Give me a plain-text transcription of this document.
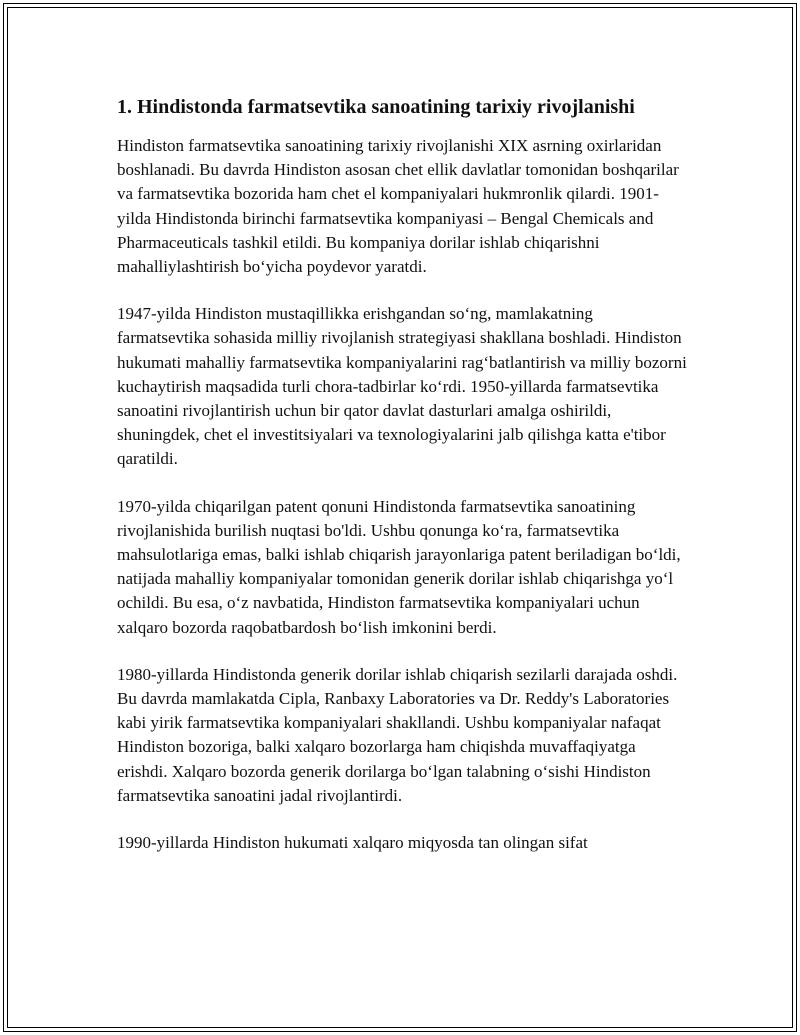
1. Hindistonda farmatsevtika sanoatining tarixiy rivojlanishi

Hindiston farmatsevtika sanoatining tarixiy rivojlanishi XIX asrning oxirlaridan boshlanadi. Bu davrda Hindiston asosan chet ellik davlatlar tomonidan boshqarilar va farmatsevtika bozorida ham chet el kompaniyalari hukmronlik qilardi. 1901-yilda Hindistonda birinchi farmatsevtika kompaniyasi – Bengal Chemicals and Pharmaceuticals tashkil etildi. Bu kompaniya dorilar ishlab chiqarishni mahalliylashtirish bo‘yicha poydevor yaratdi.

1947-yilda Hindiston mustaqillikka erishgandan so‘ng, mamlakatning farmatsevtika sohasida milliy rivojlanish strategiyasi shakllana boshladi. Hindiston hukumati mahalliy farmatsevtika kompaniyalarini rag‘batlantirish va milliy bozorni kuchaytirish maqsadida turli chora-tadbirlar ko‘rdi. 1950-yillarda farmatsevtika sanoatini rivojlantirish uchun bir qator davlat dasturlari amalga oshirildi, shuningdek, chet el investitsiyalari va texnologiyalarini jalb qilishga katta e'tibor qaratildi.

1970-yilda chiqarilgan patent qonuni Hindistonda farmatsevtika sanoatining rivojlanishida burilish nuqtasi bo'ldi. Ushbu qonunga ko‘ra, farmatsevtika mahsulotlariga emas, balki ishlab chiqarish jarayonlariga patent beriladigan bo‘ldi, natijada mahalliy kompaniyalar tomonidan generik dorilar ishlab chiqarishga yo‘l ochildi. Bu esa, o‘z navbatida, Hindiston farmatsevtika kompaniyalari uchun xalqaro bozorda raqobatbardosh bo‘lish imkonini berdi.

1980-yillarda Hindistonda generik dorilar ishlab chiqarish sezilarli darajada oshdi. Bu davrda mamlakatda Cipla, Ranbaxy Laboratories va Dr. Reddy's Laboratories kabi yirik farmatsevtika kompaniyalari shakllandi. Ushbu kompaniyalar nafaqat Hindiston bozoriga, balki xalqaro bozorlarga ham chiqishda muvaffaqiyatga erishdi. Xalqaro bozorda generik dorilarga bo‘lgan talabning o‘sishi Hindiston farmatsevtika sanoatini jadal rivojlantirdi.

1990-yillarda Hindiston hukumati xalqaro miqyosda tan olingan sifat
